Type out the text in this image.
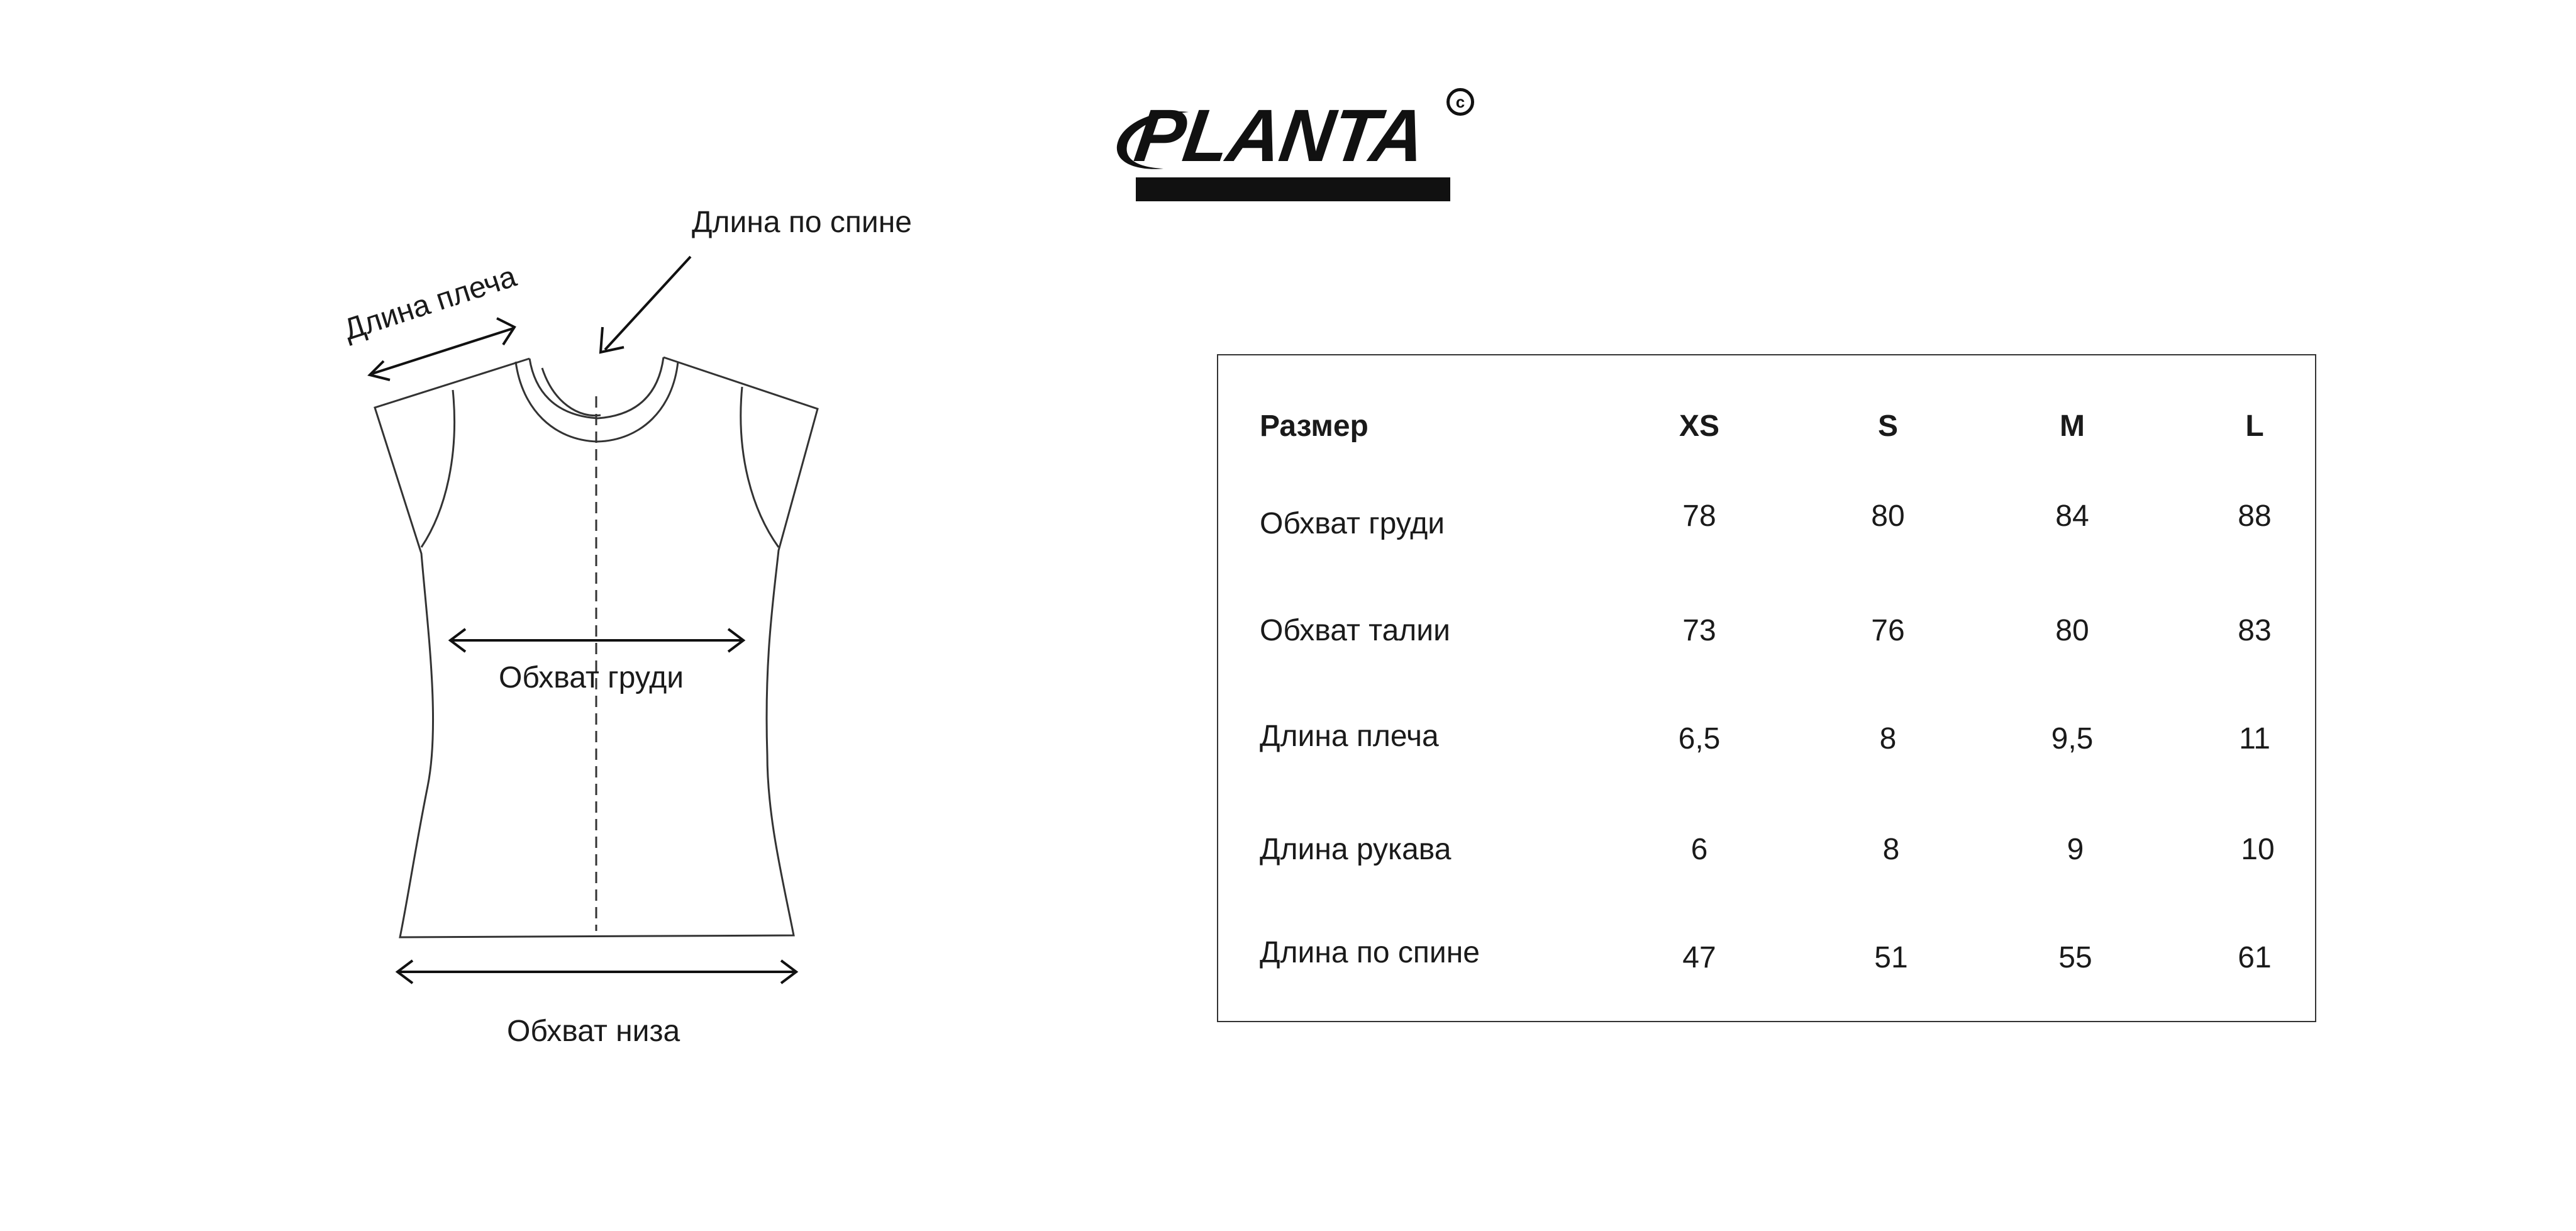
PLANTA	c
Длина по спине
Длина плеча
Обхват груди
Обхват низа
Размер	XS	S	M	L
Обхват груди	78	80	84	88
Обхват талии	73	76	80	83
Длина плеча	6,5	8	9,5	11
Длина рукава	6	8	9	10
Длина по спине	47	51	55	61
